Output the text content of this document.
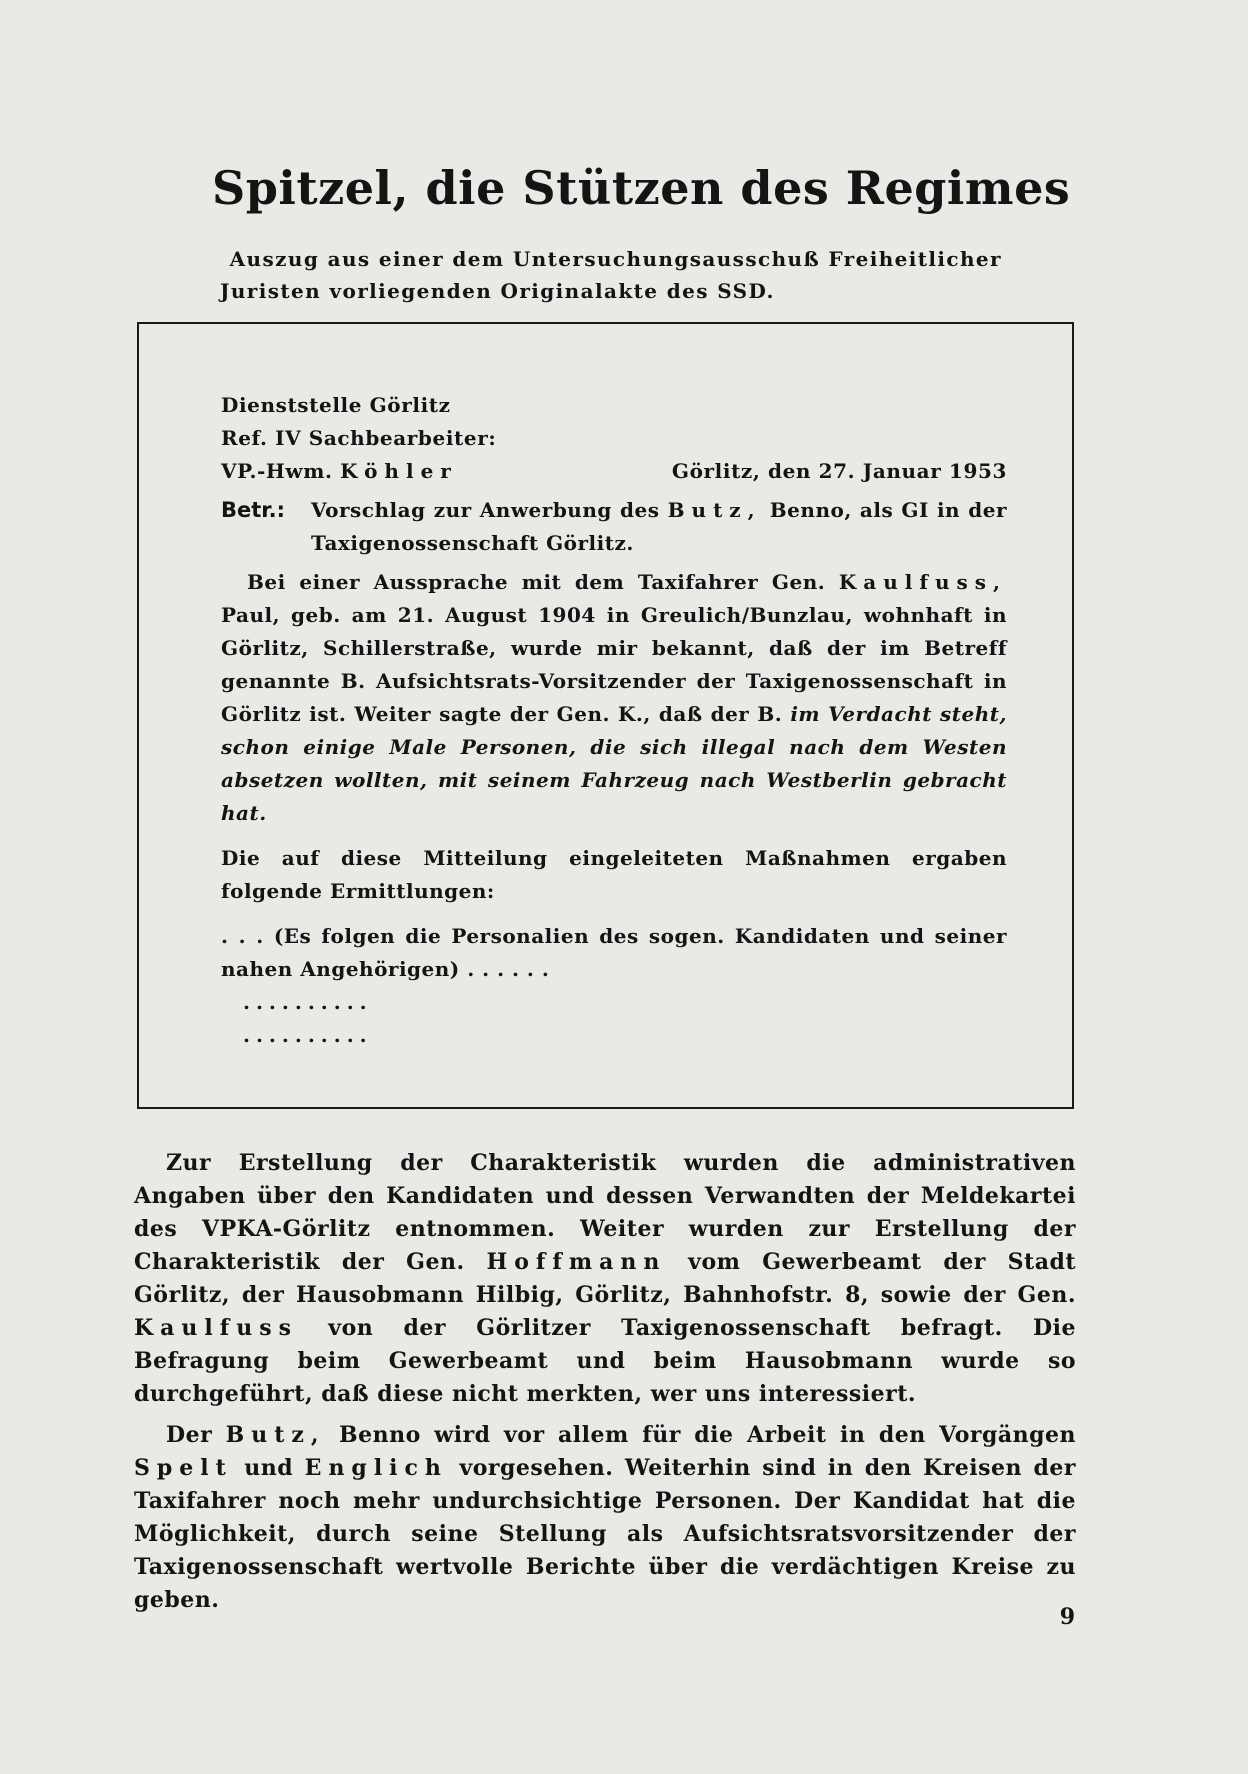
Spitzel, die Stützen des Regimes
Auszug aus einer dem Untersuchungsausschuß Freiheitlicher
Juristen vorliegenden Originalakte des SSD.
Dienststelle Görlitz
Ref. IV Sachbearbeiter:
VP.-Hwm. Köhler	Görlitz, den 27. Januar 1953
Betr.:	Vorschlag zur Anwerbung des Butz, Benno, als GI in der Taxigenossenschaft Görlitz.
Bei einer Aussprache mit dem Taxifahrer Gen. Kaulfuss, Paul, geb. am 21. August 1904 in Greulich/Bunzlau, wohnhaft in Görlitz, Schillerstraße, wurde mir bekannt, daß der im Betreff genannte B. Aufsichtsrats-Vorsitzender der Taxigenossenschaft in Görlitz ist. Weiter sagte der Gen. K., daß der B. im Verdacht steht, schon einige Male Personen, die sich illegal nach dem Westen absetzen wollten, mit seinem Fahrzeug nach Westberlin gebracht hat.
Die auf diese Mitteilung eingeleiteten Maßnahmen ergaben folgende Ermittlungen:
. . . (Es folgen die Personalien des sogen. Kandidaten und seiner nahen Angehörigen) . . . . . .
..........
..........

Zur Erstellung der Charakteristik wurden die administrativen Angaben über den Kandidaten und dessen Verwandten der Meldekartei des VPKA-Görlitz entnommen. Weiter wurden zur Erstellung der Charakteristik der Gen. Hoffmann vom Gewerbeamt der Stadt Görlitz, der Hausobmann Hilbig, Görlitz, Bahnhofstr. 8, sowie der Gen. Kaulfuss von der Görlitzer Taxigenossenschaft befragt. Die Befragung beim Gewerbeamt und beim Hausobmann wurde so durchgeführt, daß diese nicht merkten, wer uns interessiert.

Der Butz, Benno wird vor allem für die Arbeit in den Vorgängen Spelt und Englich vorgesehen. Weiterhin sind in den Kreisen der Taxifahrer noch mehr undurchsichtige Personen. Der Kandidat hat die Möglichkeit, durch seine Stellung als Aufsichtsratsvorsitzender der Taxigenossenschaft wertvolle Berichte über die verdächtigen Kreise zu geben.

9
